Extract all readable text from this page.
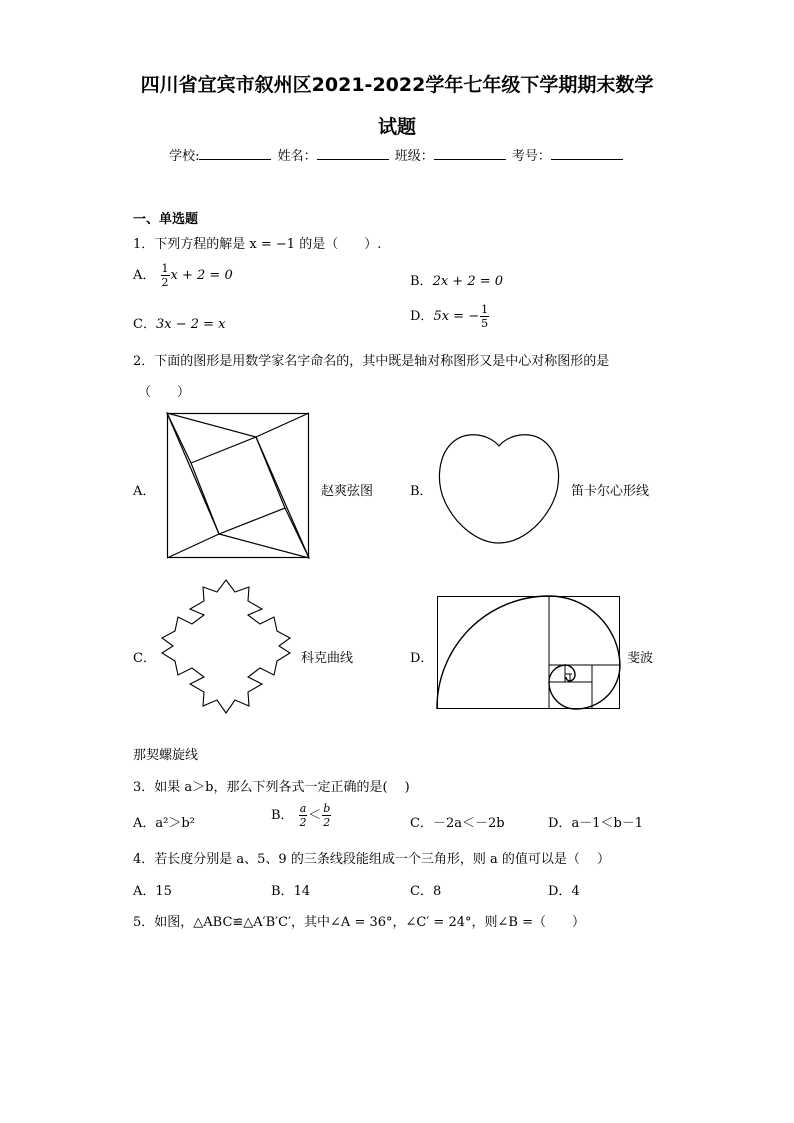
四川省宜宾市叙州区2021-2022学年七年级下学期期末数学
试题
学校:	姓名：	班级：	考号：
一、单选题
1．下列方程的解是 x = −1 的是（　　）.
A． $\frac{1}{2}$ x + 2 = 0	B．2x + 2 = 0
C．3x − 2 = x
D．5x = − $\frac{1}{5}$
2．下面的图形是用数学家名字命名的，其中既是轴对称图形又是中心对称图形的是
（　　）
A．	赵爽弦图	B．	笛卡尔心形线
C．	科克曲线	D．	斐波
那契螺旋线
3．如果 a＞b，那么下列各式一定正确的是(　 )
A．a²＞b²
B． $\frac{a}{2} < \frac{b}{2}$	C．－2a＜－2b	D．a－1＜b－1
4．若长度分别是 a、5、9 的三条线段能组成一个三角形，则 a 的值可以是（　 ）
A．15	B．14	C．8	D．4
5．如图，△ABC≌△A′B′C′，其中∠A = 36°，∠C′ = 24°，则∠B =（　　）
